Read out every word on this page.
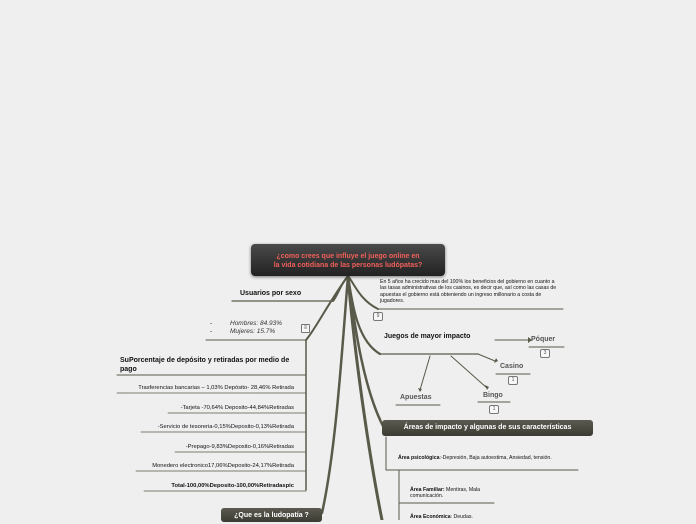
¿como crees que influye el juego online en
la vida cotidiana de las personas ludópatas?
En 5 años ha crecido mas del 100% los beneficios del gobierno en cuanto a las tasas administrativas de los casinos, es decir que, así como las casas de apuestas el gobierno está obteniendo un ingreso millonario a costa de jugadores.
9
Usuarios por sexo
-	Hombres: 84.93%
-	Mujeres: 15.7%	≡
SuPorcentaje de depósito y retiradas por medio de pago
Trasferencias bancarias – 1,03% Depósito- 28,46% Retirada
-Tarjeta -70,64% Deposito-44,84%Retiradas
-Servicio de tesoreria-0,15%Deposito-0,13%Retirada
-Prepago-9,83%Deposito-0,16%Retiradas
Monedero electronico17,06%Deposito-24,17%Retirada
Total-100,00%Deposito-100,00%Retiradaspic
¿Que es la ludopatía ?
Juegos de mayor impacto	Póquer
3
Casino
1
Bingo
1
Apuestas
Áreas de impacto y algunas de sus características
Área psicológica:-Depresión, Baja autoestima, Ansiedad, tensión.
Área Familiar: Mentiras, Mala comunicación.
Área Económica: Deudas.
